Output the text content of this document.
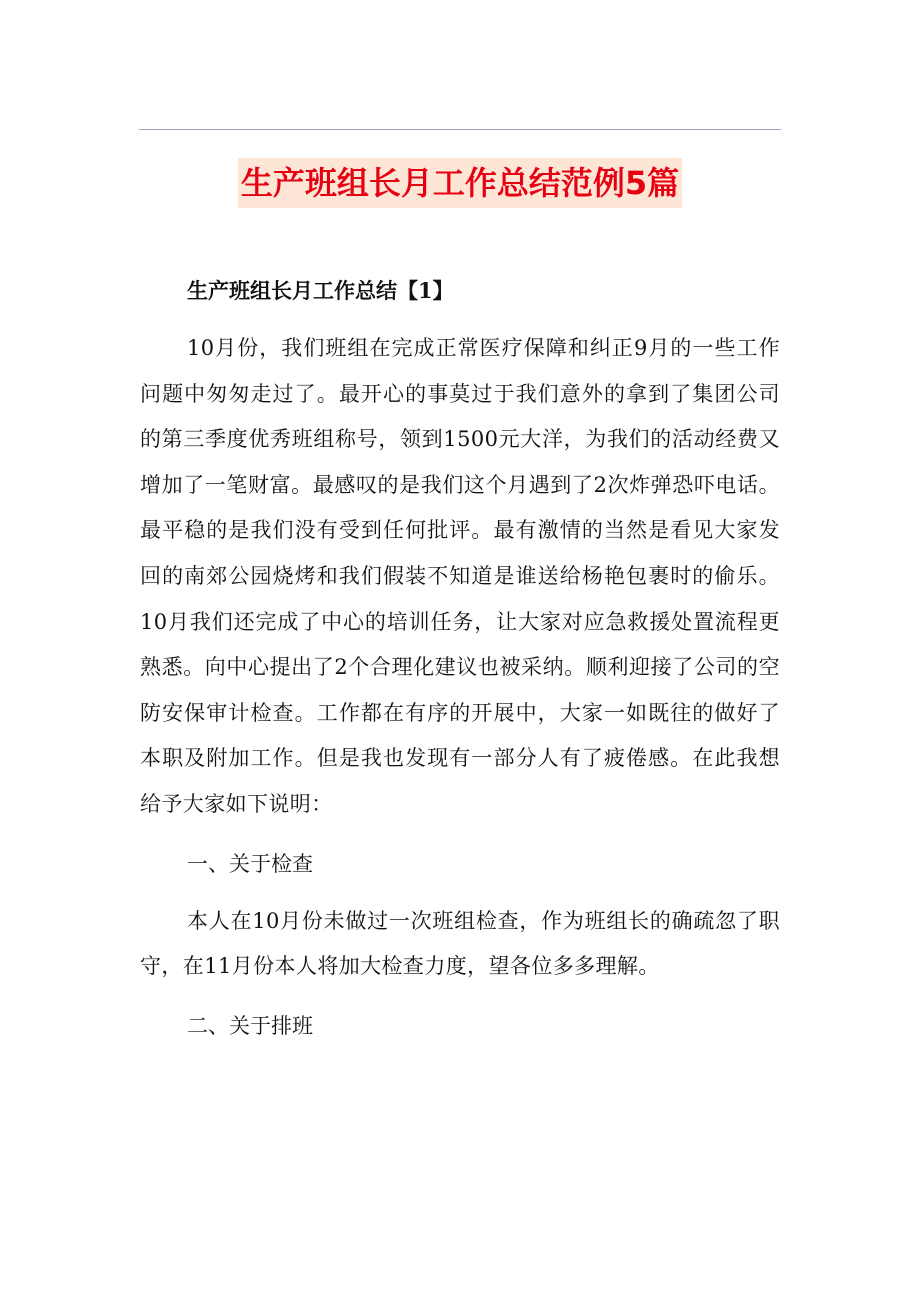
生产班组长月工作总结范例5篇

生产班组长月工作总结【1】

10月份，我们班组在完成正常医疗保障和纠正9月的一些工作问题中匆匆走过了。最开心的事莫过于我们意外的拿到了集团公司的第三季度优秀班组称号，领到1500元大洋，为我们的活动经费又增加了一笔财富。最感叹的是我们这个月遇到了2次炸弹恐吓电话。最平稳的是我们没有受到任何批评。最有激情的当然是看见大家发回的南郊公园烧烤和我们假装不知道是谁送给杨艳包裹时的偷乐。10月我们还完成了中心的培训任务，让大家对应急救援处置流程更熟悉。向中心提出了2个合理化建议也被采纳。顺利迎接了公司的空防安保审计检查。工作都在有序的开展中，大家一如既往的做好了本职及附加工作。但是我也发现有一部分人有了疲倦感。在此我想给予大家如下说明：

一、关于检查

本人在10月份未做过一次班组检查，作为班组长的确疏忽了职守，在11月份本人将加大检查力度，望各位多多理解。

二、关于排班
